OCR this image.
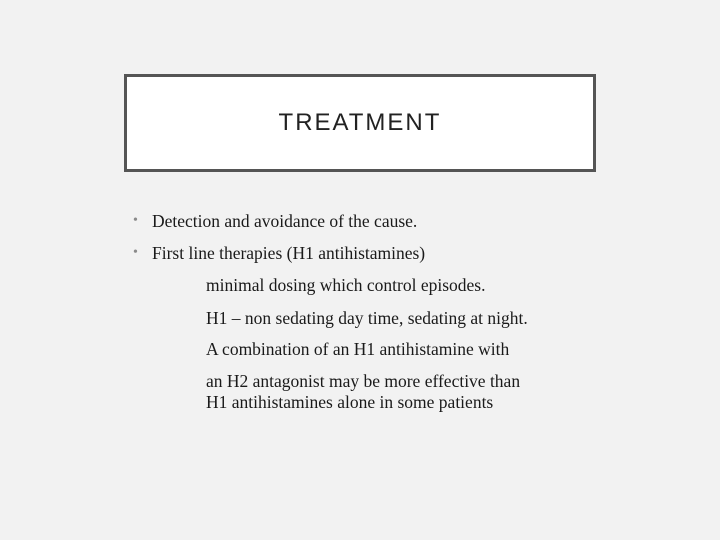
TREATMENT
• Detection and avoidance of the cause.
• First line therapies (H1 antihistamines)

minimal dosing which control episodes.

H1 – non sedating day time, sedating at night.

A combination of an H1 antihistamine with

an H2 antagonist may be more effective than

H1 antihistamines alone in some patients
